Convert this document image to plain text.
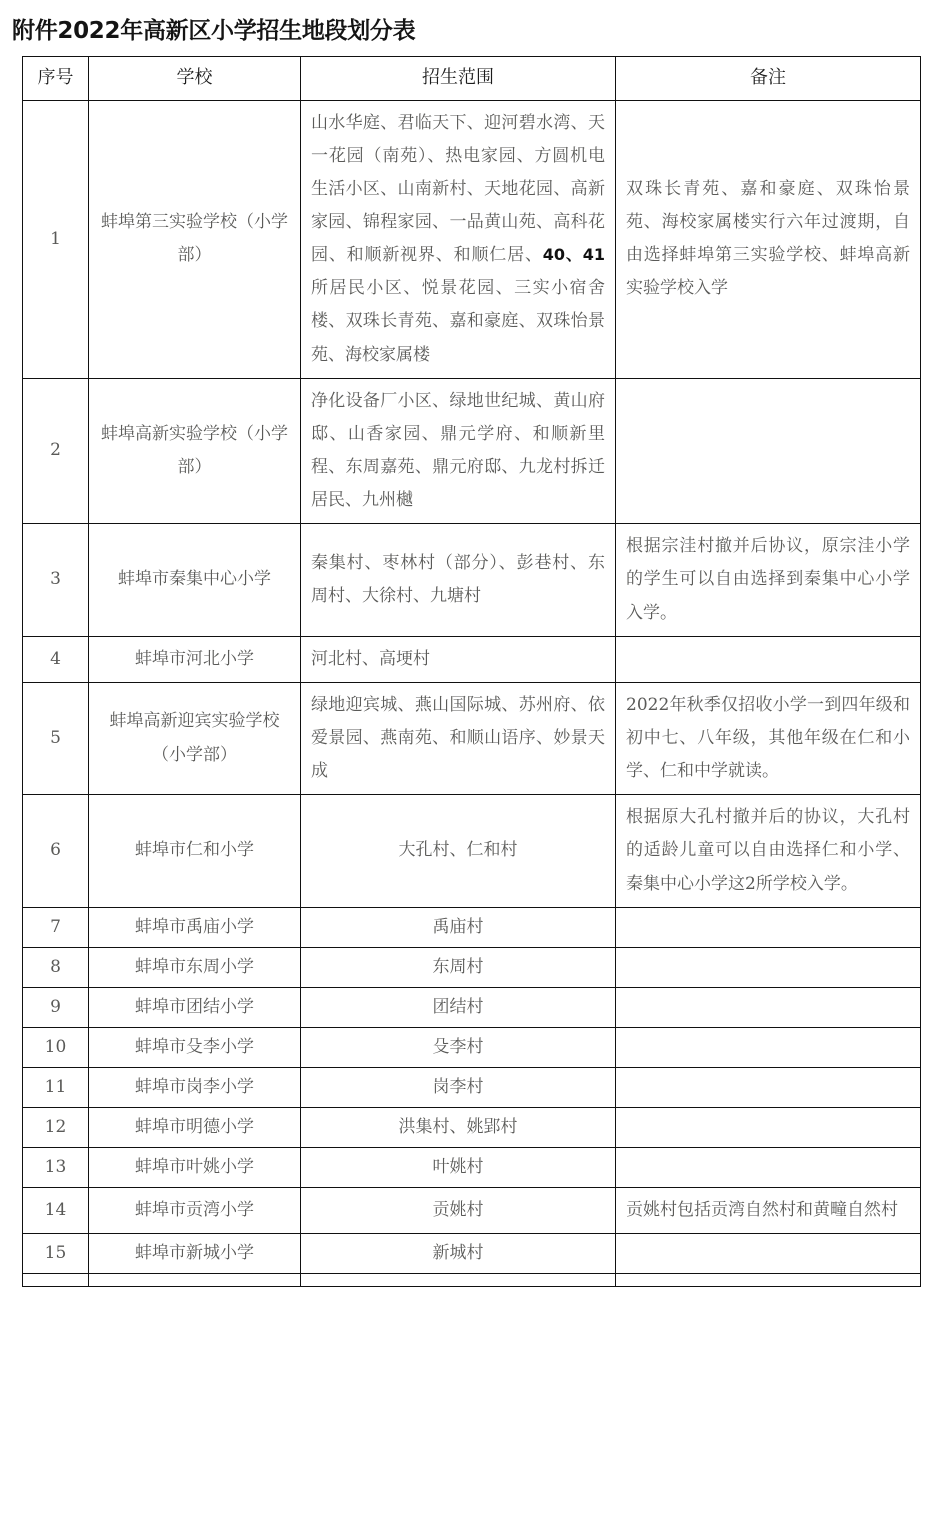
附件2022年高新区小学招生地段划分表
序号	学校	招生范围	备注
1	蚌埠第三实验学校（小学部）	山水华庭、君临天下、迎河碧水湾、天一花园（南苑）、热电家园、方圆机电生活小区、山南新村、天地花园、高新家园、锦程家园、一品黄山苑、高科花园、和顺新视界、和顺仁居、40、41所居民小区、悦景花园、三实小宿舍楼、双珠长青苑、嘉和豪庭、双珠怡景苑、海校家属楼	双珠长青苑、嘉和豪庭、双珠怡景苑、海校家属楼实行六年过渡期，自由选择蚌埠第三实验学校、蚌埠高新实验学校入学
2	蚌埠高新实验学校（小学部）	净化设备厂小区、绿地世纪城、黄山府邸、山香家园、鼎元学府、和顺新里程、东周嘉苑、鼎元府邸、九龙村拆迁居民、九州樾	
3	蚌埠市秦集中心小学	秦集村、枣林村（部分）、彭巷村、东周村、大徐村、九塘村	根据宗洼村撤并后协议，原宗洼小学的学生可以自由选择到秦集中心小学入学。
4	蚌埠市河北小学	河北村、高埂村	
5	蚌埠高新迎宾实验学校（小学部）	绿地迎宾城、燕山国际城、苏州府、依爱景园、燕南苑、和顺山语序、妙景天成	2022年秋季仅招收小学一到四年级和初中七、八年级，其他年级在仁和小学、仁和中学就读。
6	蚌埠市仁和小学	大孔村、仁和村	根据原大孔村撤并后的协议，大孔村的适龄儿童可以自由选择仁和小学、秦集中心小学这2所学校入学。
7	蚌埠市禹庙小学	禹庙村	
8	蚌埠市东周小学	东周村	
9	蚌埠市团结小学	团结村	
10	蚌埠市殳李小学	殳李村	
11	蚌埠市岗李小学	岗李村	
12	蚌埠市明德小学	洪集村、姚郢村	
13	蚌埠市叶姚小学	叶姚村	
14	蚌埠市贡湾小学	贡姚村	贡姚村包括贡湾自然村和黄疃自然村
15	蚌埠市新城小学	新城村	
